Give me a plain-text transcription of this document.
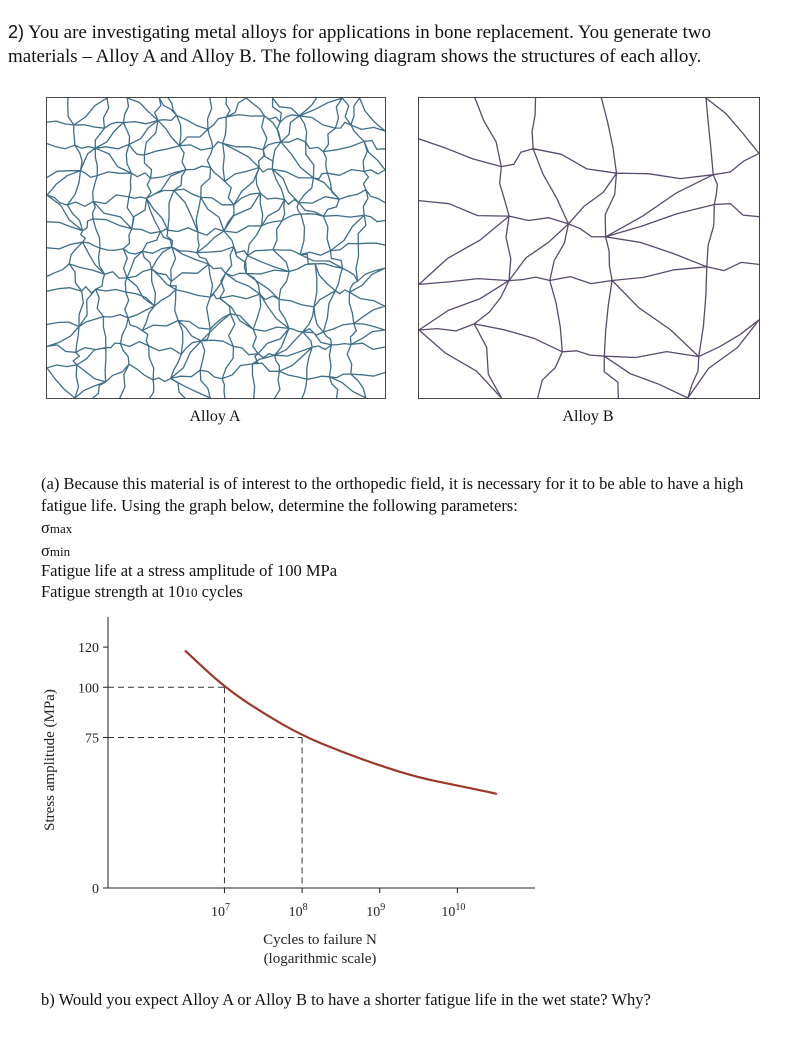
2) You are investigating metal alloys for applications in bone replacement. You generate two
materials – Alloy A and Alloy B. The following diagram shows the structures of each alloy.
Alloy A	Alloy B
(a) Because this material is of interest to the orthopedic field, it is necessary for it to be able to have a high fatigue life. Using the graph below, determine the following parameters:
σmax
σmin
Fatigue life at a stress amplitude of 100 MPa
Fatigue strength at 1010 cycles
0
75
100
120
$10^7$	$10^8$	$10^9$	$10^{10}$
Stress amplitude (MPa)
Cycles to failure N
(logarithmic scale)
b) Would you expect Alloy A or Alloy B to have a shorter fatigue life in the wet state? Why?
